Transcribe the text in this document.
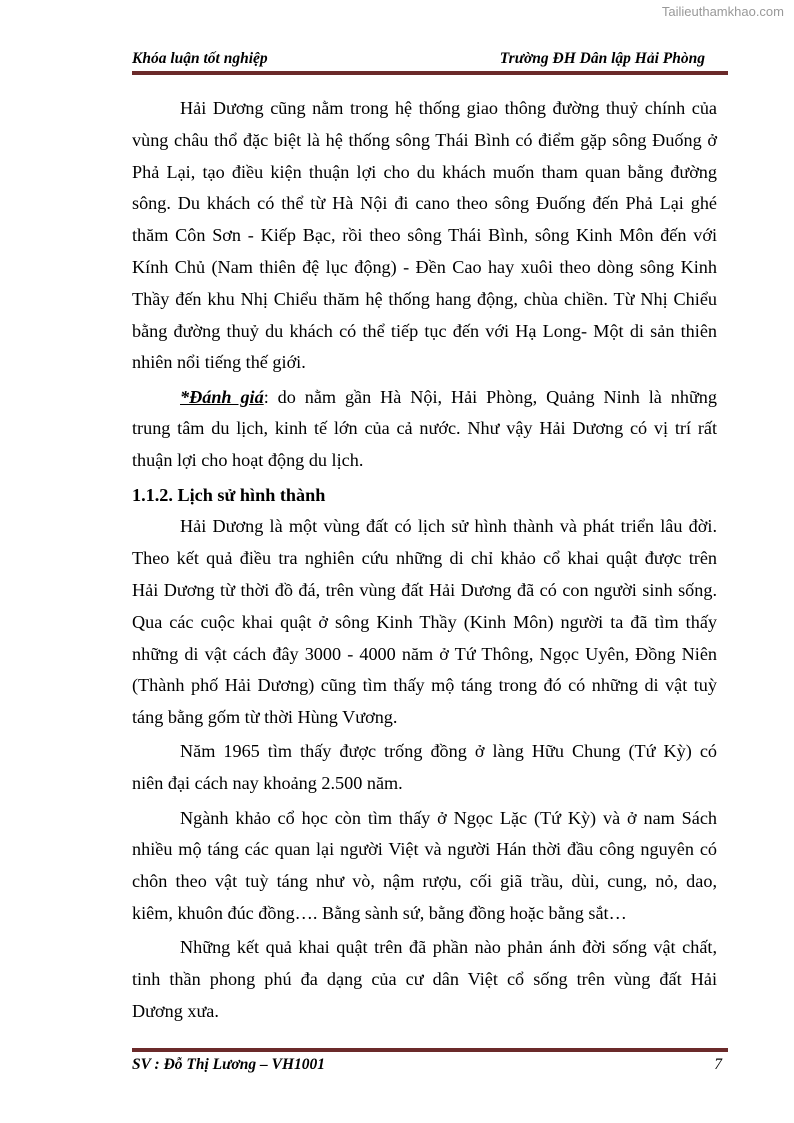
Tailieuthamkhao.com
Khóa luận tốt nghiệp	Trường ĐH Dân lập Hải Phòng
Hải Dương cũng nằm trong hệ thống giao thông đường thuỷ chính của
vùng châu thổ đặc biệt là hệ thống sông Thái Bình có điểm gặp sông Đuống ở
Phả Lại, tạo điều kiện thuận lợi cho du khách muốn tham quan bằng đường
sông. Du khách có thể từ Hà Nội đi cano theo sông Đuống đến Phả Lại ghé
thăm Côn Sơn - Kiếp Bạc, rồi theo sông Thái Bình, sông Kinh Môn đến với
Kính Chủ (Nam thiên đệ lục động) - Đền Cao hay xuôi theo dòng sông Kinh
Thầy đến khu Nhị Chiểu thăm hệ thống hang động, chùa chiền. Từ Nhị Chiểu
bằng đường thuỷ du khách có thể tiếp tục đến với Hạ Long- Một di sản thiên
nhiên nổi tiếng thế giới.
*Đánh giá: do nằm gần Hà Nội, Hải Phòng, Quảng Ninh là những
trung tâm du lịch, kinh tế lớn của cả nước. Như vậy Hải Dương có vị trí rất
thuận lợi cho hoạt động du lịch.
1.1.2. Lịch sử hình thành
Hải Dương là một vùng đất có lịch sử hình thành và phát triển lâu đời.
Theo kết quả điều tra nghiên cứu những di chỉ khảo cổ khai quật được trên
Hải Dương từ thời đồ đá, trên vùng đất Hải Dương đã có con người sinh sống.
Qua các cuộc khai quật ở sông Kinh Thầy (Kinh Môn) người ta đã tìm thấy
những di vật cách đây 3000 - 4000 năm ở Tứ Thông, Ngọc Uyên, Đồng Niên
(Thành phố Hải Dương) cũng tìm thấy mộ táng trong đó có những di vật tuỳ
táng bằng gốm từ thời Hùng Vương.
Năm 1965 tìm thấy được trống đồng ở làng Hữu Chung (Tứ Kỳ) có
niên đại cách nay khoảng 2.500 năm.
Ngành khảo cổ học còn tìm thấy ở Ngọc Lặc (Tứ Kỳ) và ở nam Sách
nhiều mộ táng các quan lại người Việt và người Hán thời đầu công nguyên có
chôn theo vật tuỳ táng như vò, nậm rượu, cối giã trầu, dùi, cung, nỏ, dao,
kiêm, khuôn đúc đồng…. Bằng sành sứ, bằng đồng hoặc bằng sắt…
Những kết quả khai quật trên đã phần nào phản ánh đời sống vật chất,
tinh thần phong phú đa dạng của cư dân Việt cổ sống trên vùng đất Hải
Dương xưa.
SV : Đỗ Thị Lương – VH1001	7
